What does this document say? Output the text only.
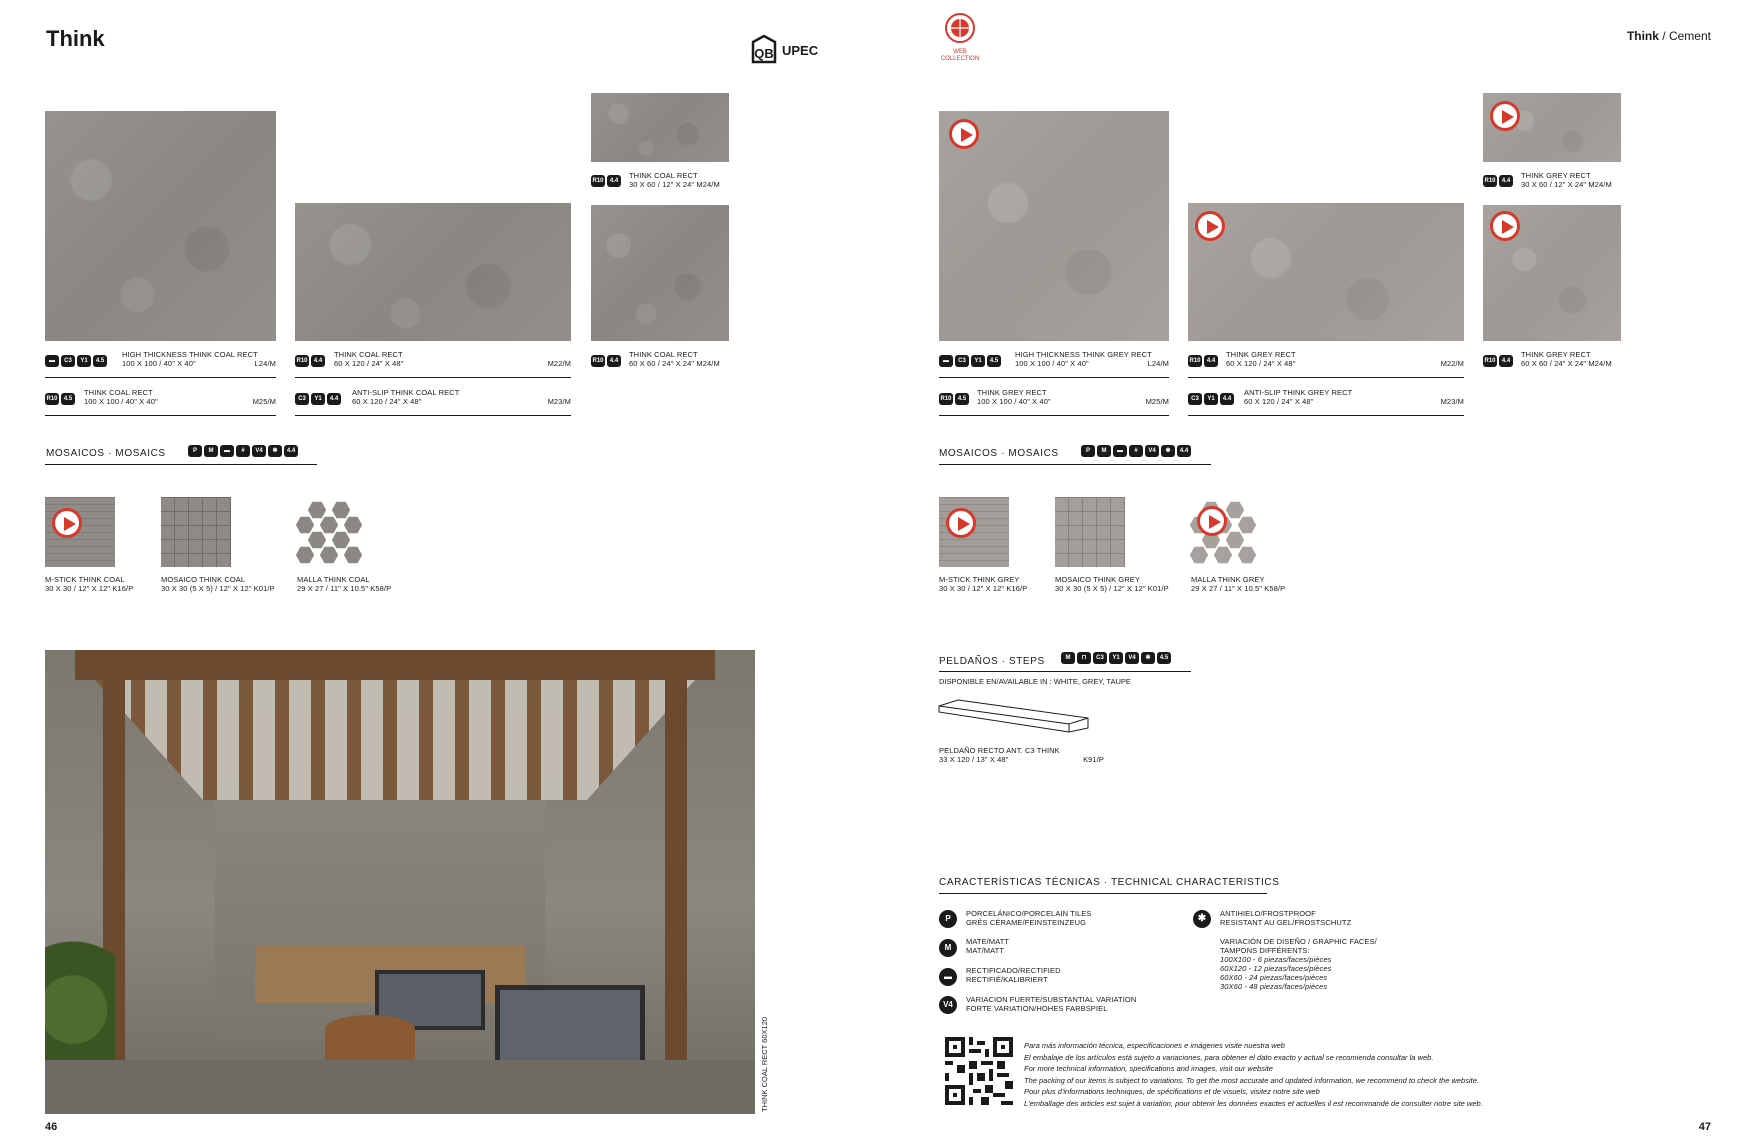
Think
QB UPEC
▬	C3	Y1	4.5
HIGH THICKNESS THINK COAL RECT
100 X 100 / 40" X 40"	L24/M
R10	4.5
THINK COAL RECT
100 X 100 / 40" X 40"	M25/M
R10	4.4
THINK COAL RECT
60 X 120 / 24" X 48"	M22/M
C3	Y1	4.4
ANTI-SLIP THINK COAL RECT
60 X 120 / 24" X 48"	M23/M
R10	4.4
THINK COAL RECT
30 X 60 / 12" X 24" M24/M
R10	4.4
THINK COAL RECT
60 X 60 / 24" X 24" M24/M
MOSAICOS · MOSAICS	P	M	▬	#	V4	✱	4.4
M-STICK THINK COAL
30 X 30 / 12" X 12" K16/P
MOSAICO THINK COAL
30 X 30 (5 X 5) / 12" X 12" K01/P
MALLA THINK COAL
29 X 27 / 11" X 10.5" K58/P
THINK COAL RECT 60X120
46
WEB COLLECTION
Think / Cement
▬	C3	Y1	4.5
HIGH THICKNESS THINK GREY RECT
100 X 100 / 40" X 40"	L24/M
R10	4.5
THINK GREY RECT
100 X 100 / 40" X 40"	M25/M
R10	4.4
THINK GREY RECT
60 X 120 / 24" X 48"	M22/M
C3	Y1	4.4
ANTI-SLIP THINK GREY RECT
60 X 120 / 24" X 48"	M23/M
R10	4.4
THINK GREY RECT
30 X 60 / 12" X 24" M24/M
R10	4.4
THINK GREY RECT
60 X 60 / 24" X 24" M24/M
MOSAICOS · MOSAICS	P	M	▬	#	V4	✱	4.4
M-STICK THINK GREY
30 X 30 / 12" X 12" K16/P
MOSAICO THINK GREY
30 X 30 (5 X 5) / 12" X 12" K01/P
MALLA THINK GREY
29 X 27 / 11" X 10.5" K58/P
PELDAÑOS · STEPS	M	⊓	C3	Y1	V4	✱	4.5
DISPONIBLE EN/AVAILABLE IN : WHITE, GREY, TAUPE
PELDAÑO RECTO ANT. C3 THINK
33 X 120 / 13" X 48"	K91/P
CARACTERÍSTICAS TÉCNICAS · TECHNICAL CHARACTERISTICS
P
PORCELÁNICO/PORCELAIN TILES
GRÈS CÉRAME/FEINSTEINZEUG
M
MATE/MATT
MAT/MATT
▬
RECTIFICADO/RECTIFIED
RECTIFIÉ/KALIBRIERT
V4
VARIACION FUERTE/SUBSTANTIAL VARIATION
FORTE VARIATION/HOHES FARBSPIEL
✱	ANTIHIELO/FROSTPROOF
RESISTANT AU GEL/FROSTSCHUTZ
VARIACIÓN DE DISEÑO / GRAPHIC FACES/
TAMPONS DIFFÉRENTS:
100X100 - 6 piezas/faces/pièces
60X120 - 12 piezas/faces/pièces
60X60 - 24 piezas/faces/pièces
30X60 - 48 piezas/faces/pièces
Para más información técnica, especificaciones e imágenes visite nuestra web
El embalaje de los artículos está sujeto a variaciones, para obtener el dato exacto y actual se recomienda consultar la web.
For more technical information, specifications and images, visit our website
The packing of our items is subject to variations. To get the most accurate and updated information, we recommend to check the website.
Pour plus d'informations techniques, de spécifications et de visuels, visitez notre site web
L'emballage des articles est sujet à variation, pour obtenir les données exactes et actuelles il est recommandé de consulter notre site web.
47
